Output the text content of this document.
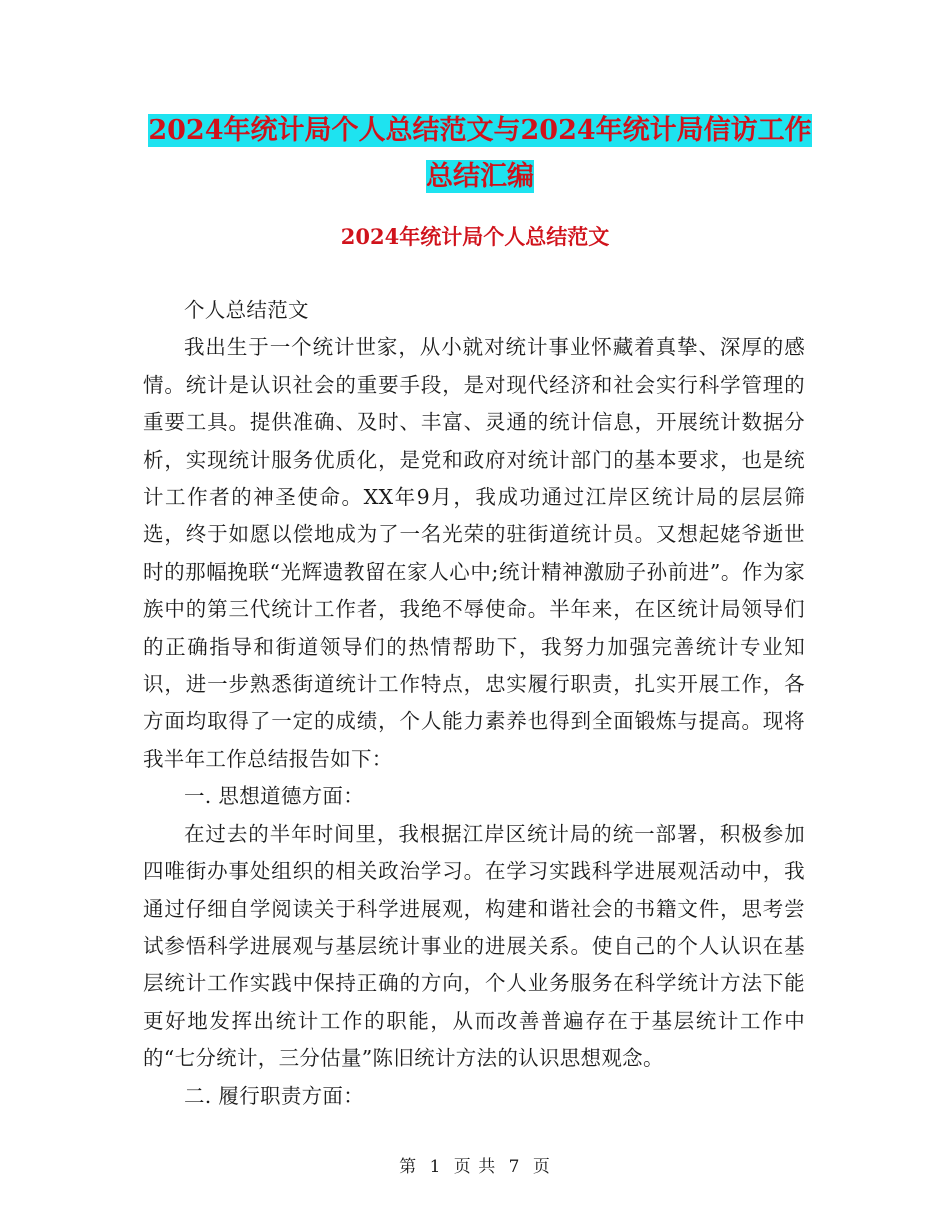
2024年统计局个人总结范文与2024年统计局信访工作
总结汇编
2024年统计局个人总结范文

个人总结范文

我出生于一个统计世家，从小就对统计事业怀藏着真挚、深厚的感情。统计是认识社会的重要手段，是对现代经济和社会实行科学管理的重要工具。提供准确、及时、丰富、灵通的统计信息，开展统计数据分析，实现统计服务优质化，是党和政府对统计部门的基本要求，也是统计工作者的神圣使命。XX年9月，我成功通过江岸区统计局的层层筛选，终于如愿以偿地成为了一名光荣的驻街道统计员。又想起姥爷逝世时的那幅挽联“光辉遗教留在家人心中;统计精神激励子孙前进”。作为家族中的第三代统计工作者，我绝不辱使命。半年来，在区统计局领导们的正确指导和街道领导们的热情帮助下，我努力加强完善统计专业知识，进一步熟悉街道统计工作特点，忠实履行职责，扎实开展工作，各方面均取得了一定的成绩，个人能力素养也得到全面锻炼与提高。现将我半年工作总结报告如下：

一. 思想道德方面：

在过去的半年时间里，我根据江岸区统计局的统一部署，积极参加四唯街办事处组织的相关政治学习。在学习实践科学进展观活动中，我通过仔细自学阅读关于科学进展观，构建和谐社会的书籍文件，思考尝试参悟科学进展观与基层统计事业的进展关系。使自己的个人认识在基层统计工作实践中保持正确的方向，个人业务服务在科学统计方法下能更好地发挥出统计工作的职能，从而改善普遍存在于基层统计工作中的“七分统计，三分估量”陈旧统计方法的认识思想观念。

二. 履行职责方面：

第 1 页 共 7 页
